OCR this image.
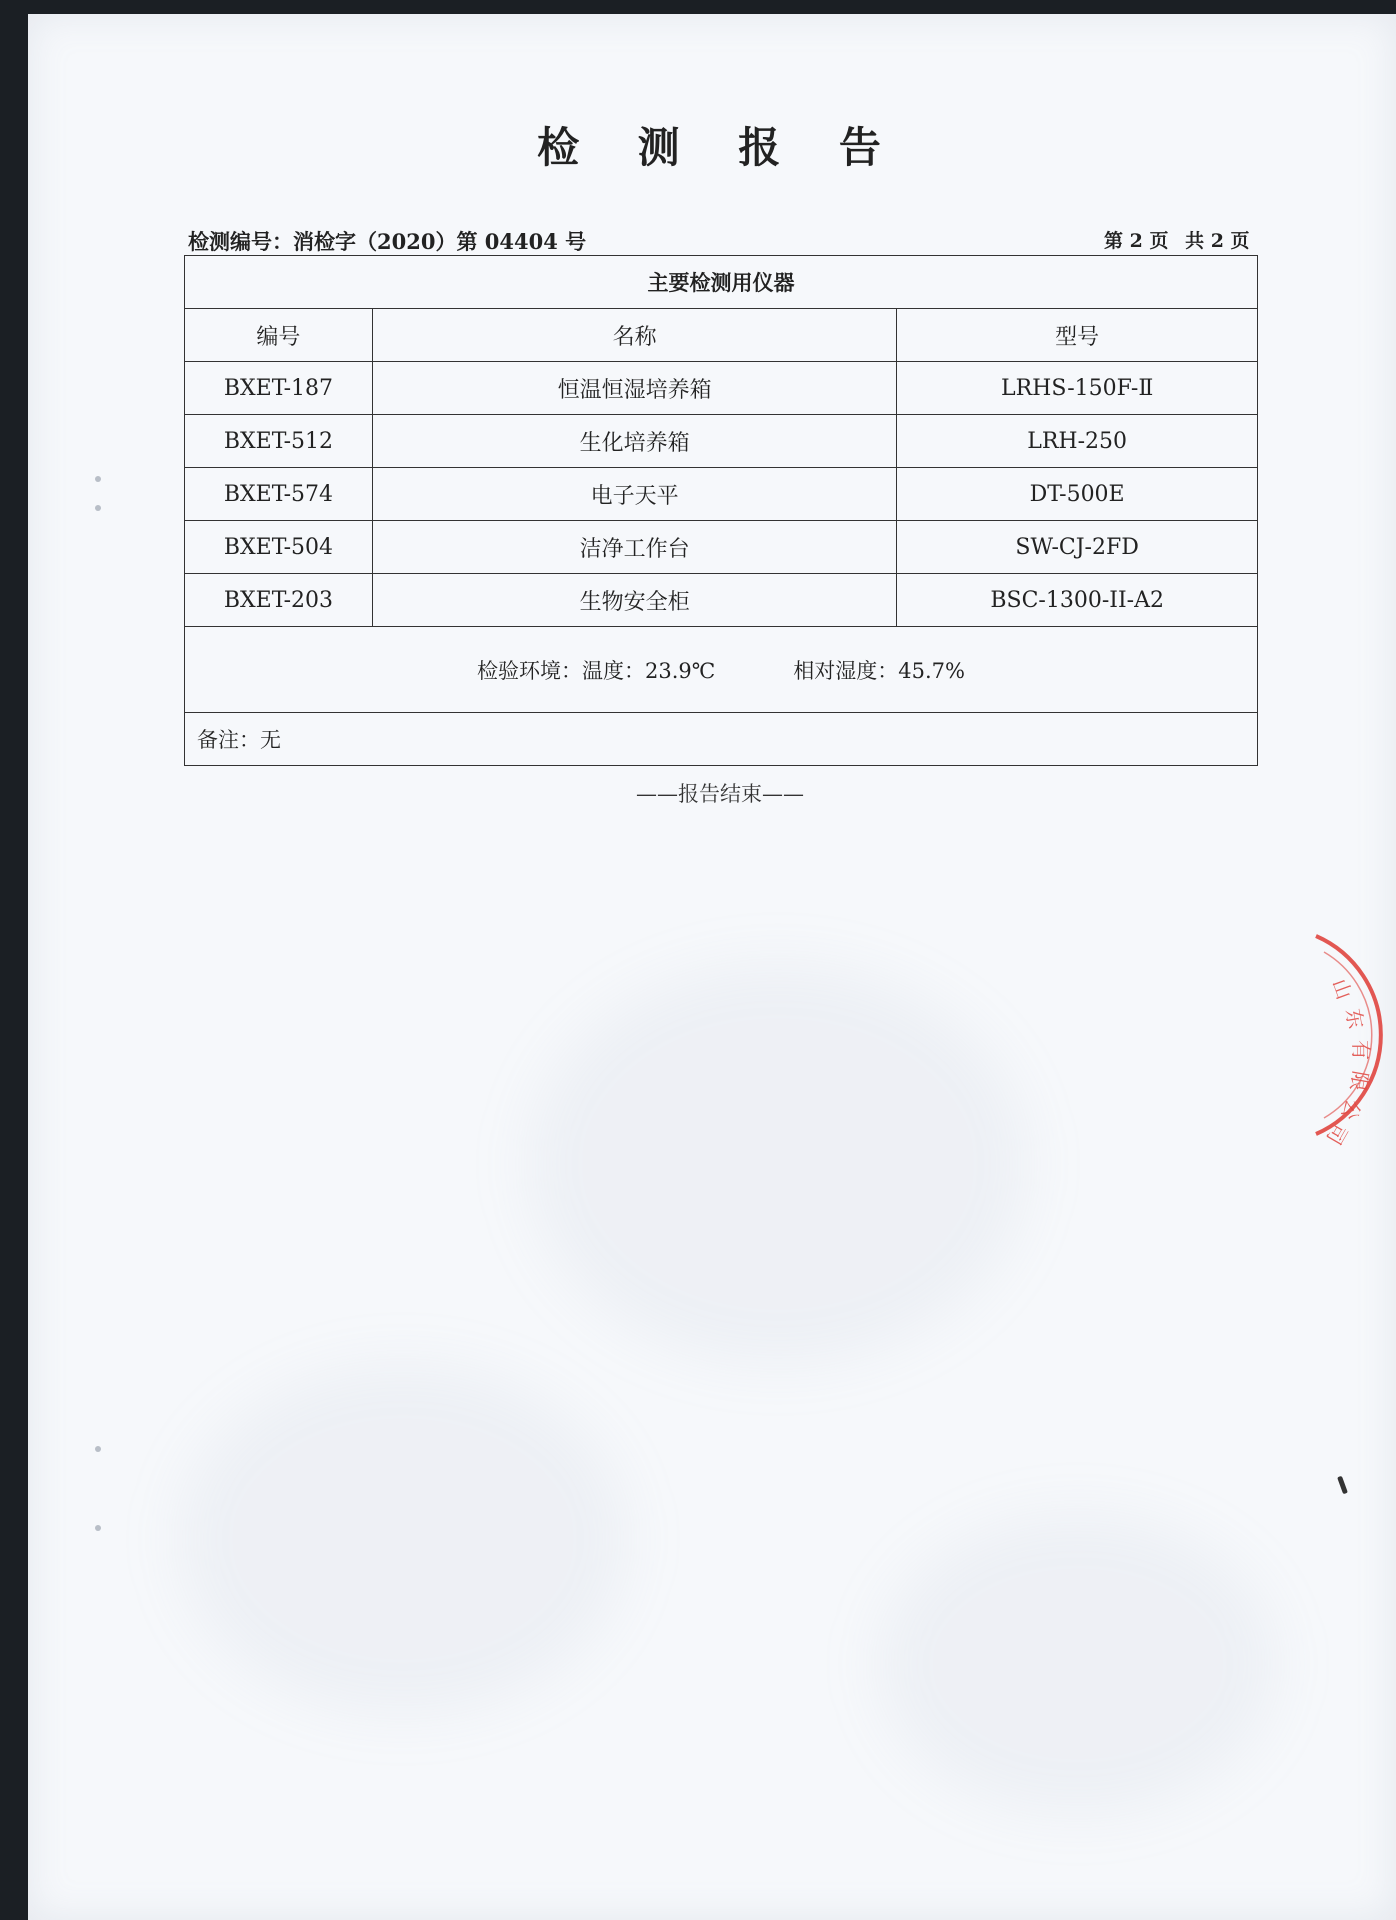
检 测 报 告
检测编号：消检字（2020）第 04404 号	第 2 页 共 2 页
主要检测用仪器		
编号	名称	型号
BXET-187	恒温恒湿培养箱	LRHS-150F-Ⅱ
BXET-512	生化培养箱	LRH-250
BXET-574	电子天平	DT-500E
BXET-504	洁净工作台	SW-CJ-2FD
BXET-203	生物安全柜	BSC-1300-II-A2
检验环境：温度：23.9℃ 相对湿度：45.7%		
备注：无		
——报告结束——
山
东
有
限
公
司
